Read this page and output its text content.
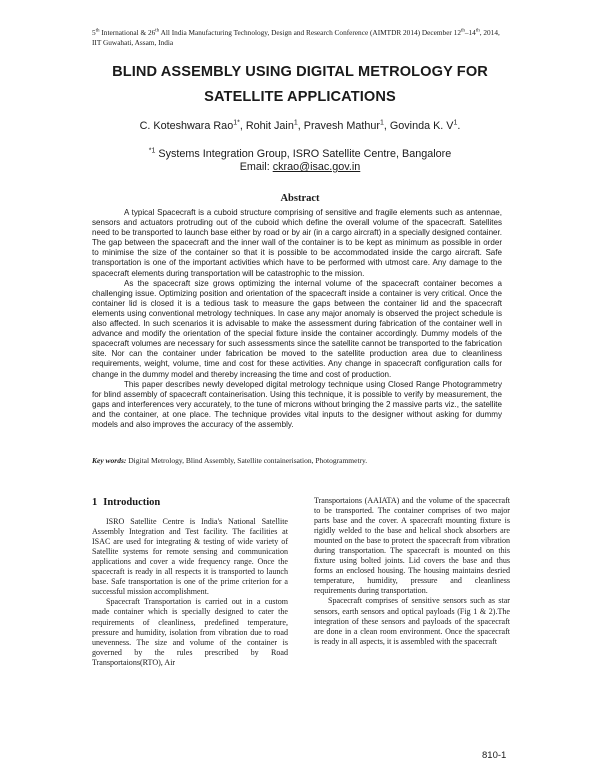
5th International & 26th All India Manufacturing Technology, Design and Research Conference (AIMTDR 2014) December 12th–14th, 2014,
IIT Guwahati, Assam, India
BLIND ASSEMBLY USING DIGITAL METROLOGY FOR
SATELLITE APPLICATIONS
C. Koteshwara Rao$^{1*}$, Rohit Jain$^1$, Pravesh Mathur$^1$, Govinda K. $V^1$.
$^{*1}$ Systems Integration Group, ISRO Satellite Centre, Bangalore
Email: ckrao@isac.gov.in
Abstract

A typical Spacecraft is a cuboid structure comprising of sensitive and fragile elements such as antennae, sensors and actuators protruding out of the cuboid which define the overall volume of the spacecraft. Satellites need to be transported to launch base either by road or by air (in a cargo aircraft) in a specially designed container. The gap between the spacecraft and the inner wall of the container is to be kept as minimum as possible in order to minimise the size of the container so that it is possible to be accommodated inside the cargo aircraft. Safe transportation is one of the important activities which have to be performed with utmost care. Any damage to the spacecraft elements during transportation will be catastrophic to the mission.

As the spacecraft size grows optimizing the internal volume of the spacecraft container becomes a challenging issue. Optimizing position and orientation of the spacecraft inside a container is very critical. Once the container lid is closed it is a tedious task to measure the gaps between the container lid and the spacecraft elements using conventional metrology techniques. In case any major anomaly is observed the project schedule is also affected. In such scenarios it is advisable to make the assessment during fabrication of the container well in advance and modify the orientation of the special fixture inside the container accordingly. Dummy models of the spacecraft volumes are necessary for such assessments since the satellite cannot be transported to the fabrication site. Nor can the container under fabrication be moved to the satellite production area due to cleanliness requirements, weight, volume, time and cost for these activities. Any change in spacecraft configuration calls for change in the dummy model and thereby increasing the time and cost of production.

This paper describes newly developed digital metrology technique using Closed Range Photogrammetry for blind assembly of spacecraft containerisation. Using this technique, it is possible to verify by measurement, the gaps and interferences very accurately, to the tune of microns without bringing the 2 massive parts viz., the satellite and the container, at one place. The technique provides vital inputs to the designer without asking for dummy models and also improves the accuracy of the assembly.

Key words: Digital Metrology, Blind Assembly, Satellite containerisation, Photogrammetry.
1 Introduction

ISRO Satellite Centre is India's National Satellite Assembly Integration and Test facility. The facilities at ISAC are used for integrating & testing of wide variety of Satellite systems for remote sensing and communication applications and cover a wide frequency range. Once the spacecraft is ready in all respects it is transported to launch base. Safe transportation is one of the prime criterion for a successful mission accomplishment.

Spacecraft Transportation is carried out in a custom made container which is specially designed to cater the requirements of cleanliness, predefined temperature, pressure and humidity, isolation from vibration due to road unevenness. The size and volume of the container is governed by the rules prescribed by Road Transportaions(RTO), Air

Transportaions (AAIATA) and the volume of the spacecraft to be transported. The container comprises of two major parts base and the cover. A spacecraft mounting fixture is rigidly welded to the base and helical shock absorbers are mounted on the base to protect the spacecraft from vibration during transportation. The spacecraft is mounted on this fixture using bolted joints. Lid covers the base and thus forms an enclosed housing. The housing maintains desried temperature, humidity, pressure and cleanliness requirements during transportation.

Spacecraft comprises of sensitive sensors such as star sensors, earth sensors and optical payloads (Fig 1 & 2).The integration of these sensors and payloads of the spacecraft are done in a clean room environment. Once the spacecraft is ready in all aspects, it is assembled with the spacecraft

810-1
